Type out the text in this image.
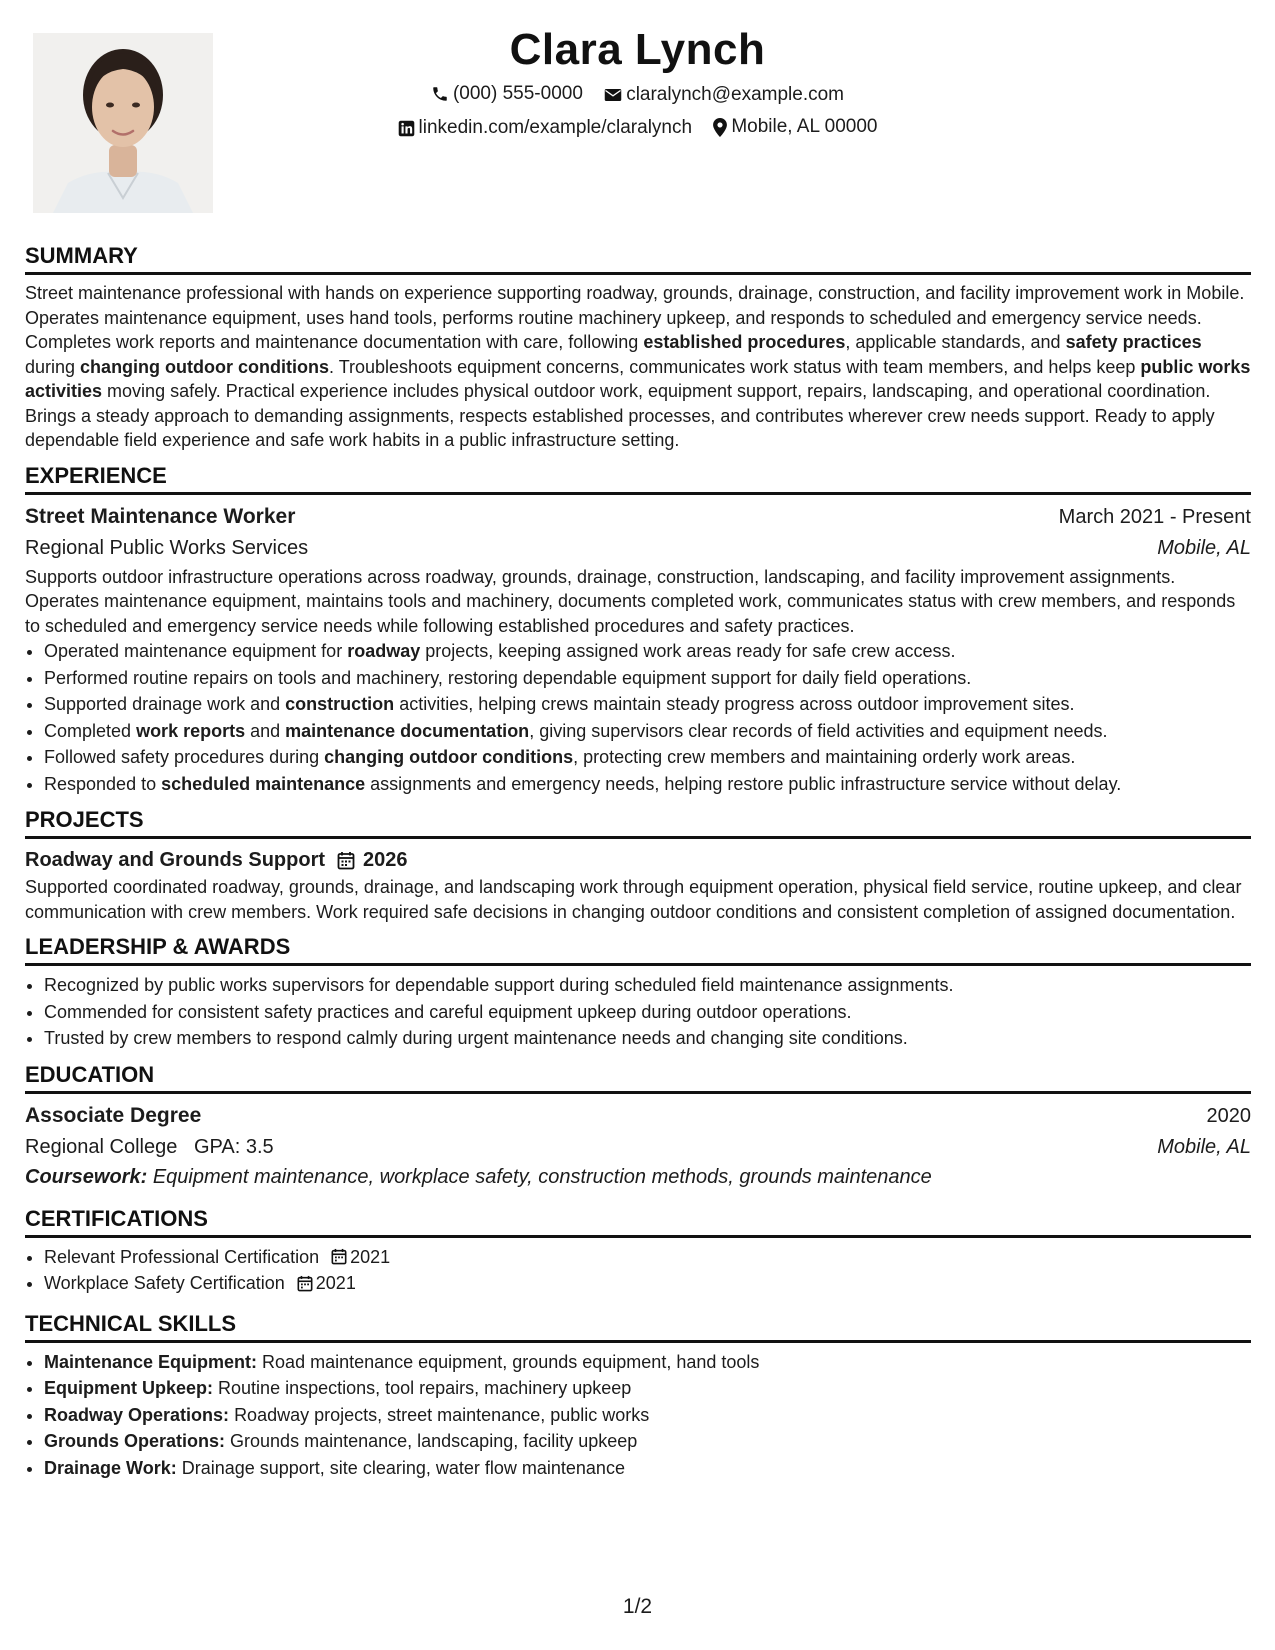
Clara Lynch
(000) 555-0000
claralynch@example.com
linkedin.com/example/claralynch
Mobile, AL 00000
SUMMARY

Street maintenance professional with hands on experience supporting roadway, grounds, drainage, construction, and facility improvement work in Mobile. Operates maintenance equipment, uses hand tools, performs routine machinery upkeep, and responds to scheduled and emergency service needs. Completes work reports and maintenance documentation with care, following established procedures, applicable standards, and safety practices during changing outdoor conditions. Troubleshoots equipment concerns, communicates work status with team members, and helps keep public works activities moving safely. Practical experience includes physical outdoor work, equipment support, repairs, landscaping, and operational coordination. Brings a steady approach to demanding assignments, respects established processes, and contributes wherever crew needs support. Ready to apply dependable field experience and safe work habits in a public infrastructure setting.

EXPERIENCE
Street Maintenance Worker	March 2021 - Present
Regional Public Works Services	Mobile, AL

Supports outdoor infrastructure operations across roadway, grounds, drainage, construction, landscaping, and facility improvement assignments. Operates maintenance equipment, maintains tools and machinery, documents completed work, communicates status with crew members, and responds to scheduled and emergency service needs while following established procedures and safety practices.

• Operated maintenance equipment for roadway projects, keeping assigned work areas ready for safe crew access.
• Performed routine repairs on tools and machinery, restoring dependable equipment support for daily field operations.
• Supported drainage work and construction activities, helping crews maintain steady progress across outdoor improvement sites.
• Completed work reports and maintenance documentation, giving supervisors clear records of field activities and equipment needs.
• Followed safety procedures during changing outdoor conditions, protecting crew members and maintaining orderly work areas.
• Responded to scheduled maintenance assignments and emergency needs, helping restore public infrastructure service without delay.
PROJECTS
Roadway and Grounds Support 2026

Supported coordinated roadway, grounds, drainage, and landscaping work through equipment operation, physical field service, routine upkeep, and clear communication with crew members. Work required safe decisions in changing outdoor conditions and consistent completion of assigned documentation.

LEADERSHIP & AWARDS
• Recognized by public works supervisors for dependable support during scheduled field maintenance assignments.
• Commended for consistent safety practices and careful equipment upkeep during outdoor operations.
• Trusted by crew members to respond calmly during urgent maintenance needs and changing site conditions.
EDUCATION
Associate Degree	2020
Regional College GPA: 3.5	Mobile, AL
Coursework: Equipment maintenance, workplace safety, construction methods, grounds maintenance
CERTIFICATIONS
• Relevant Professional Certification 2021
• Workplace Safety Certification 2021
TECHNICAL SKILLS
• Maintenance Equipment: Road maintenance equipment, grounds equipment, hand tools
• Equipment Upkeep: Routine inspections, tool repairs, machinery upkeep
• Roadway Operations: Roadway projects, street maintenance, public works
• Grounds Operations: Grounds maintenance, landscaping, facility upkeep
• Drainage Work: Drainage support, site clearing, water flow maintenance
1/2
